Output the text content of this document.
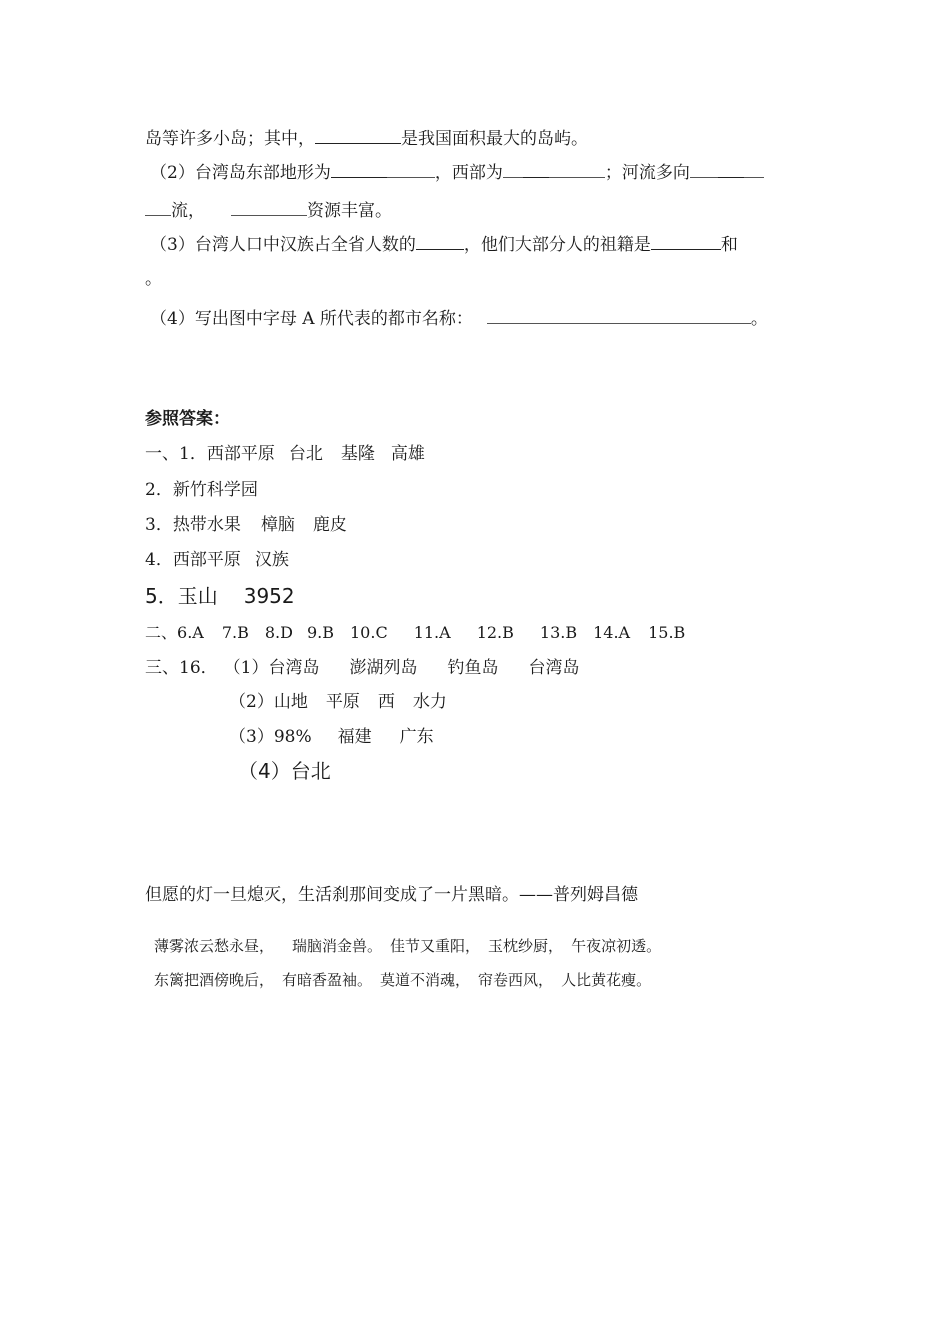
岛等许多小岛；其中，	是我国面积最大的岛屿。
（2）台湾岛东部地形为	，西部为	；河流多向
流，	资源丰富。
（3）台湾人口中汉族占全省人数的	，他们大部分人的祖籍是	和
。
（4）写出图中字母 A 所代表的都市名称：	。
参照答案：
一、1．西部平原 台北 基隆 高雄
2．新竹科学园
3．热带水果 樟脑 鹿皮
4．西部平原 汉族
5．玉山 3952
二、6.A 7.B 8.D 9.B 10.C 11.A 12.B 13.B 14.A 15.B
三、16． （1）台湾岛 澎湖列岛 钓鱼岛 台湾岛
（2）山地 平原 西 水力
（3）98% 福建 广东
（4）台北
但愿的灯一旦熄灭，生活刹那间变成了一片黑暗。——普列姆昌德
薄雾浓云愁永昼， 瑞脑消金兽。 佳节又重阳， 玉枕纱厨， 午夜凉初透。
东篱把酒傍晚后， 有暗香盈袖。 莫道不消魂， 帘卷西风， 人比黄花瘦。
